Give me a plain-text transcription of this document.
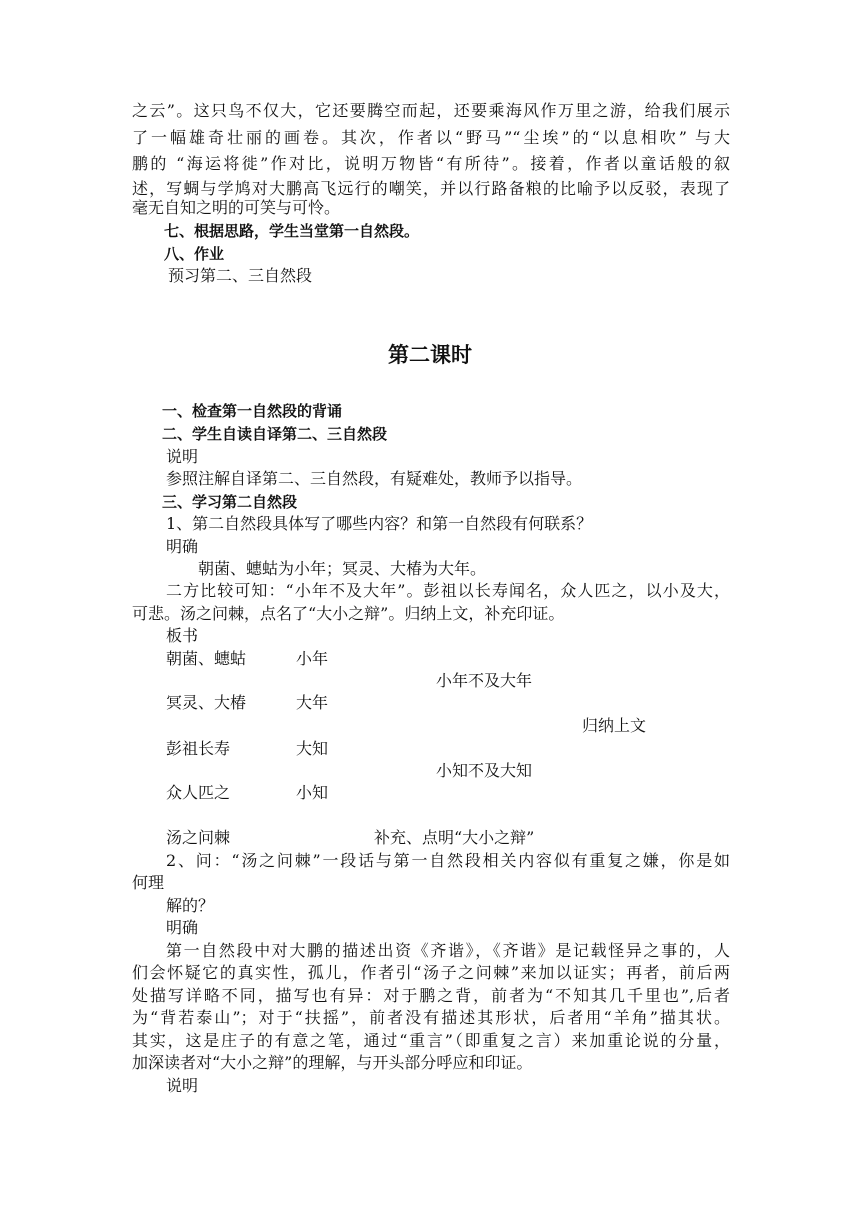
之云”。这只鸟不仅大，它还要腾空而起，还要乘海风作万里之游，给我们展示
了一幅雄奇壮丽的画卷。其次，作者以“野马”“尘埃”的“以息相吹” 与大
鹏的 “海运将徙”作对比，说明万物皆“有所待”。接着，作者以童话般的叙
述，写蜩与学鸠对大鹏高飞远行的嘲笑，并以行路备粮的比喻予以反驳，表现了
毫无自知之明的可笑与可怜。
七、根据思路，学生当堂第一自然段。
八、作业
预习第二、三自然段
第二课时
一、检查第一自然段的背诵
二、学生自读自译第二、三自然段
说明
参照注解自译第二、三自然段，有疑难处，教师予以指导。
三、学习第二自然段
1、第二自然段具体写了哪些内容？和第一自然段有何联系？
明确
朝菌、蟪蛄为小年；冥灵、大椿为大年。
二方比较可知：“小年不及大年”。彭祖以长寿闻名，众人匹之，以小及大，
可悲。汤之问棘，点名了“大小之辩”。归纳上文，补充印证。
板书
朝菌、蟪蛄	小年
小年不及大年
冥灵、大椿	大年
归纳上文
彭祖长寿	大知
小知不及大知
众人匹之	小知
汤之问棘	补充、点明“大小之辩”
2、问：“汤之问棘”一段话与第一自然段相关内容似有重复之嫌，你是如
何理
解的？
明确
第一自然段中对大鹏的描述出资《齐谐》，《齐谐》是记载怪异之事的，人
们会怀疑它的真实性，孤儿，作者引“汤子之问棘”来加以证实；再者，前后两
处描写详略不同，描写也有异：对于鹏之背，前者为“不知其几千里也”,后者
为“背若泰山”；对于“扶摇”，前者没有描述其形状，后者用“羊角”描其状。
其实，这是庄子的有意之笔，通过“重言”（即重复之言）来加重论说的分量，
加深读者对“大小之辩”的理解，与开头部分呼应和印证。
说明
